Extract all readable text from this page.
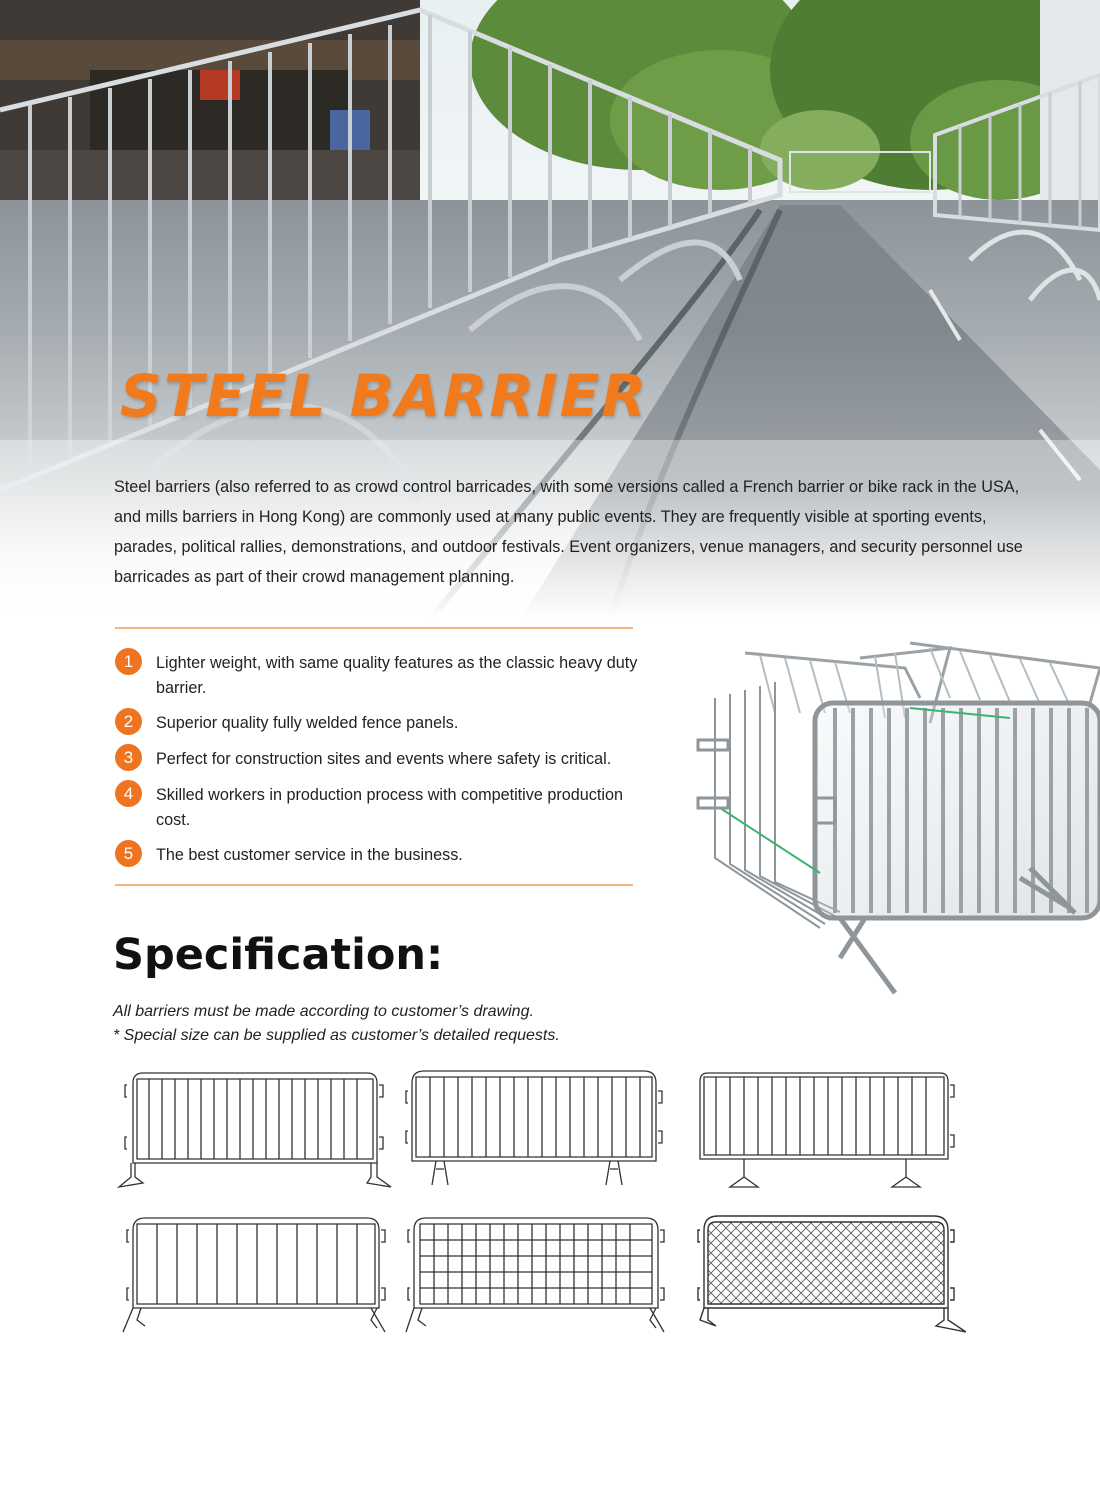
STEEL BARRIER

Steel barriers (also referred to as crowd control barricades, with some versions called a French barrier or bike rack in the USA, and mills barriers in Hong Kong) are commonly used at many public events. They are frequently visible at sporting events, parades, political rallies, demonstrations, and outdoor festivals. Event organizers, venue managers, and security personnel use barricades as part of their crowd management planning.

1	Lighter weight, with same quality features as the classic heavy duty barrier.
2	Superior quality fully welded fence panels.
3	Perfect for construction sites and events where safety is critical.
4	Skilled workers in production process with competitive production cost.
5	The best customer service in the business.
Specification:

All barriers must be made according to customer’s drawing.

* Special size can be supplied as customer’s detailed requests.
